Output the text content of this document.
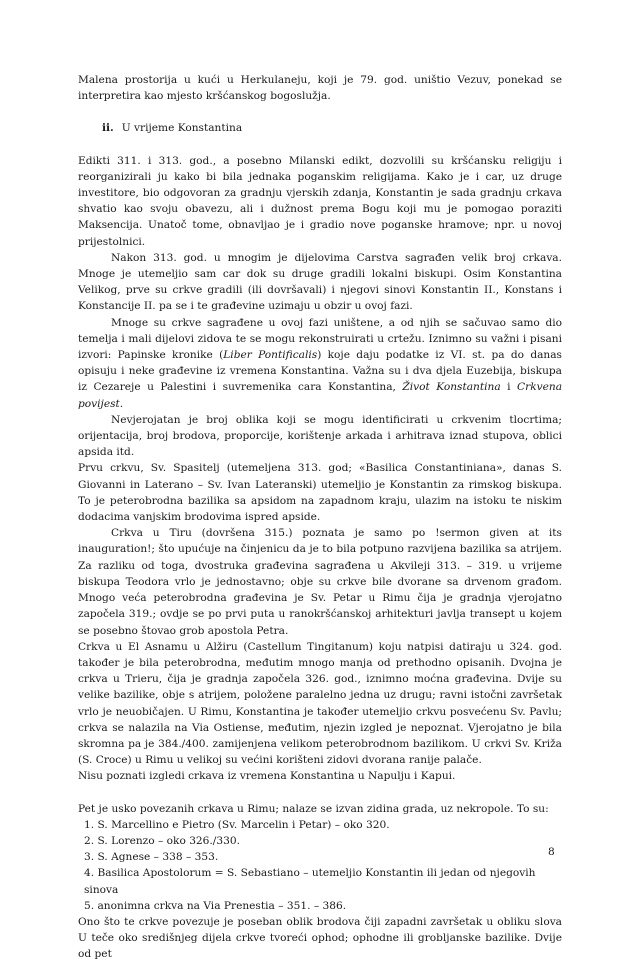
Malena prostorija u kući u Herkulaneju, koji je 79. god. uništio Vezuv, ponekad se interpretira kao mjesto kršćanskog bogoslužja.

ii. U vrijeme Konstantina

Edikti 311. i 313. god., a posebno Milanski edikt, dozvolili su kršćansku religiju i reorganizirali ju kako bi bila jednaka poganskim religijama. Kako je i car, uz druge investitore, bio odgovoran za gradnju vjerskih zdanja, Konstantin je sada gradnju crkava shvatio kao svoju obavezu, ali i dužnost prema Bogu koji mu je pomogao poraziti Maksencija. Unatoč tome, obnavljao je i gradio nove poganske hramove; npr. u novoj prijestolnici.

Nakon 313. god. u mnogim je dijelovima Carstva sagrađen velik broj crkava. Mnoge je utemeljio sam car dok su druge gradili lokalni biskupi. Osim Konstantina Velikog, prve su crkve gradili (ili dovršavali) i njegovi sinovi Konstantin II., Konstans i Konstancije II. pa se i te građevine uzimaju u obzir u ovoj fazi.

Mnoge su crkve sagrađene u ovoj fazi uništene, a od njih se sačuvao samo dio temelja i mali dijelovi zidova te se mogu rekonstruirati u crtežu. Iznimno su važni i pisani izvori: Papinske kronike (Liber Pontificalis) koje daju podatke iz VI. st. pa do danas opisuju i neke građevine iz vremena Konstantina. Važna su i dva djela Euzebija, biskupa iz Cezareje u Palestini i suvremenika cara Konstantina, Život Konstantina i Crkvena povijest.

Nevjerojatan je broj oblika koji se mogu identificirati u crkvenim tlocrtima; orijentacija, broj brodova, proporcije, korištenje arkada i arhitrava iznad stupova, oblici apsida itd.

Prvu crkvu, Sv. Spasitelj (utemeljena 313. god; «Basilica Constantiniana», danas S. Giovanni in Laterano – Sv. Ivan Lateranski) utemeljio je Konstantin za rimskog biskupa. To je peterobrodna bazilika sa apsidom na zapadnom kraju, ulazim na istoku te niskim dodacima vanjskim brodovima ispred apside.

Crkva u Tiru (dovršena 315.) poznata je samo po !sermon given at its inauguration!; što upućuje na činjenicu da je to bila potpuno razvijena bazilika sa atrijem. Za razliku od toga, dvostruka građevina sagrađena u Akvileji 313. – 319. u vrijeme biskupa Teodora vrlo je jednostavno; obje su crkve bile dvorane sa drvenom građom. Mnogo veća peterobrodna građevina je Sv. Petar u Rimu čija je gradnja vjerojatno započela 319.; ovdje se po prvi puta u ranokršćanskoj arhitekturi javlja transept u kojem se posebno štovao grob apostola Petra.

Crkva u El Asnamu u Alžiru (Castellum Tingitanum) koju natpisi datiraju u 324. god. također je bila peterobrodna, međutim mnogo manja od prethodno opisanih. Dvojna je crkva u Trieru, čija je gradnja započela 326. god., iznimno moćna građevina. Dvije su velike bazilike, obje s atrijem, položene paralelno jedna uz drugu; ravni istočni završetak vrlo je neuobičajen. U Rimu, Konstantina je također utemeljio crkvu posvećenu Sv. Pavlu; crkva se nalazila na Via Ostiense, međutim, njezin izgled je nepoznat. Vjerojatno je bila skromna pa je 384./400. zamijenjena velikom peterobrodnom bazilikom. U crkvi Sv. Križa (S. Croce) u Rimu u velikoj su većini korišteni zidovi dvorana ranije palače.

Nisu poznati izgledi crkava iz vremena Konstantina u Napulju i Kapui.

Pet je usko povezanih crkava u Rimu; nalaze se izvan zidina grada, uz nekropole. To su:

1. S. Marcellino e Pietro (Sv. Marcelin i Petar) – oko 320.
2. S. Lorenzo – oko 326./330.
3. S. Agnese – 338 – 353.
4. Basilica Apostolorum = S. Sebastiano – utemeljio Konstantin ili jedan od njegovih sinova
5. anonimna crkva na Via Prenestia – 351. – 386.

Ono što te crkve povezuje je poseban oblik brodova čiji zapadni završetak u obliku slova U teče oko središnjeg dijela crkve tvoreći ophod; ophodne ili grobljanske bazilike. Dvije od pet

8
